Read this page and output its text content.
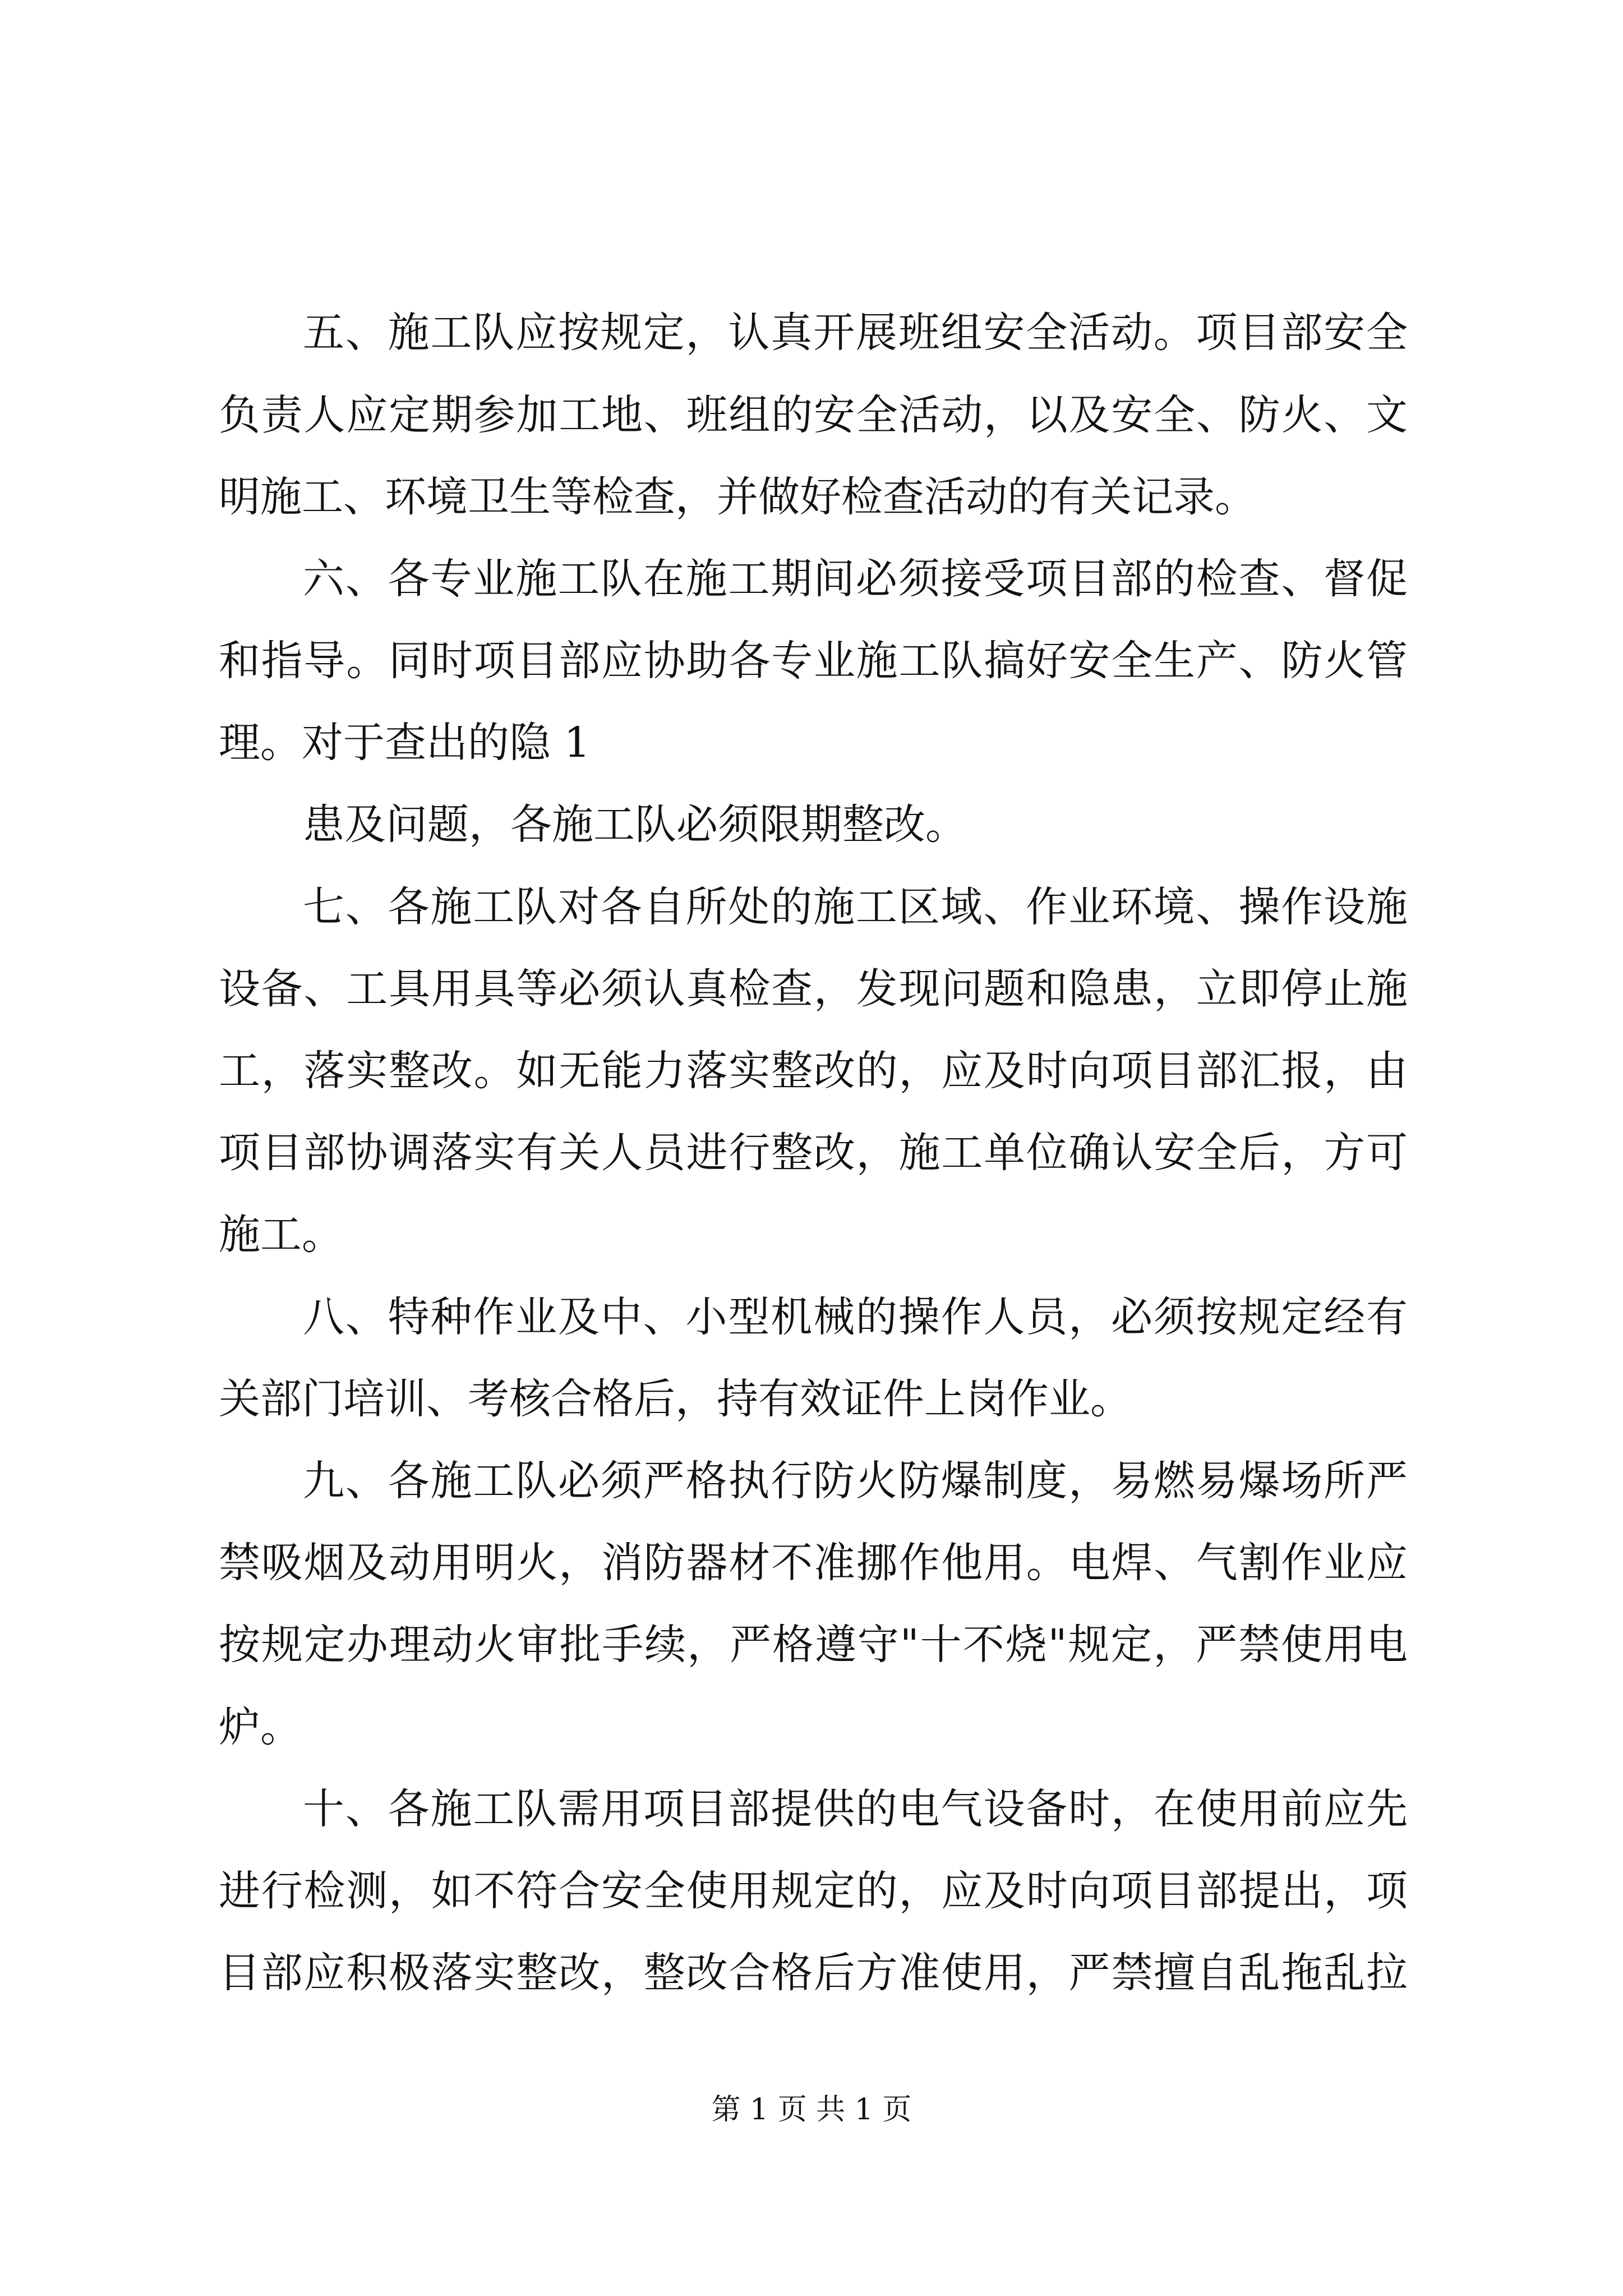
五、施工队应按规定，认真开展班组安全活动。项目部安全
负责人应定期参加工地、班组的安全活动，以及安全、防火、文
明施工、环境卫生等检查，并做好检查活动的有关记录。
六、各专业施工队在施工期间必须接受项目部的检查、督促
和指导。同时项目部应协助各专业施工队搞好安全生产、防火管
理。对于查出的隐 1
患及问题，各施工队必须限期整改。
七、各施工队对各自所处的施工区域、作业环境、操作设施
设备、工具用具等必须认真检查，发现问题和隐患，立即停止施
工，落实整改。如无能力落实整改的，应及时向项目部汇报，由
项目部协调落实有关人员进行整改，施工单位确认安全后，方可
施工。
八、特种作业及中、小型机械的操作人员，必须按规定经有
关部门培训、考核合格后，持有效证件上岗作业。
九、各施工队必须严格执行防火防爆制度，易燃易爆场所严
禁吸烟及动用明火，消防器材不准挪作他用。电焊、气割作业应
按规定办理动火审批手续，严格遵守"十不烧"规定，严禁使用电
炉。
十、各施工队需用项目部提供的电气设备时，在使用前应先
进行检测，如不符合安全使用规定的，应及时向项目部提出，项
目部应积极落实整改，整改合格后方准使用，严禁擅自乱拖乱拉
第 1 页 共 1 页
